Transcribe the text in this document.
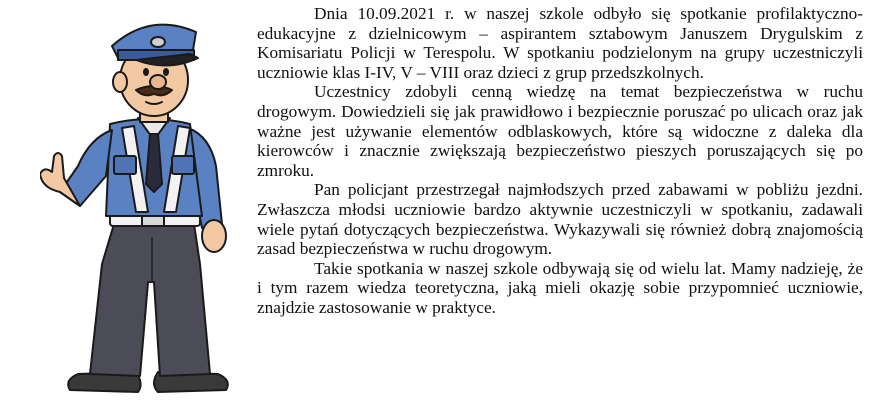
Dnia 10.09.2021 r. w naszej szkole odbyło się spotkanie profilaktyczno-edukacyjne z dzielnicowym – aspirantem sztabowym Januszem Drygulskim z Komisariatu Policji w Terespolu. W spotkaniu podzielonym na grupy uczestniczyli uczniowie klas I-IV, V – VIII oraz dzieci z grup przedszkolnych.

Uczestnicy zdobyli cenną wiedzę na temat bezpieczeństwa w ruchu drogowym. Dowiedzieli się jak prawidłowo i bezpiecznie poruszać po ulicach oraz jak ważne jest używanie elementów odblaskowych, które są widoczne z daleka dla kierowców i znacznie zwiększają bezpieczeństwo pieszych poruszających się po zmroku.

Pan policjant przestrzegał najmłodszych przed zabawami w pobliżu jezdni. Zwłaszcza młodsi uczniowie bardzo aktywnie uczestniczyli w spotkaniu, zadawali wiele pytań dotyczących bezpieczeństwa. Wykazywali się również dobrą znajomością zasad bezpieczeństwa w ruchu drogowym.

Takie spotkania w naszej szkole odbywają się od wielu lat. Mamy nadzieję, że i tym razem wiedza teoretyczna, jaką mieli okazję sobie przypomnieć uczniowie, znajdzie zastosowanie w praktyce.
